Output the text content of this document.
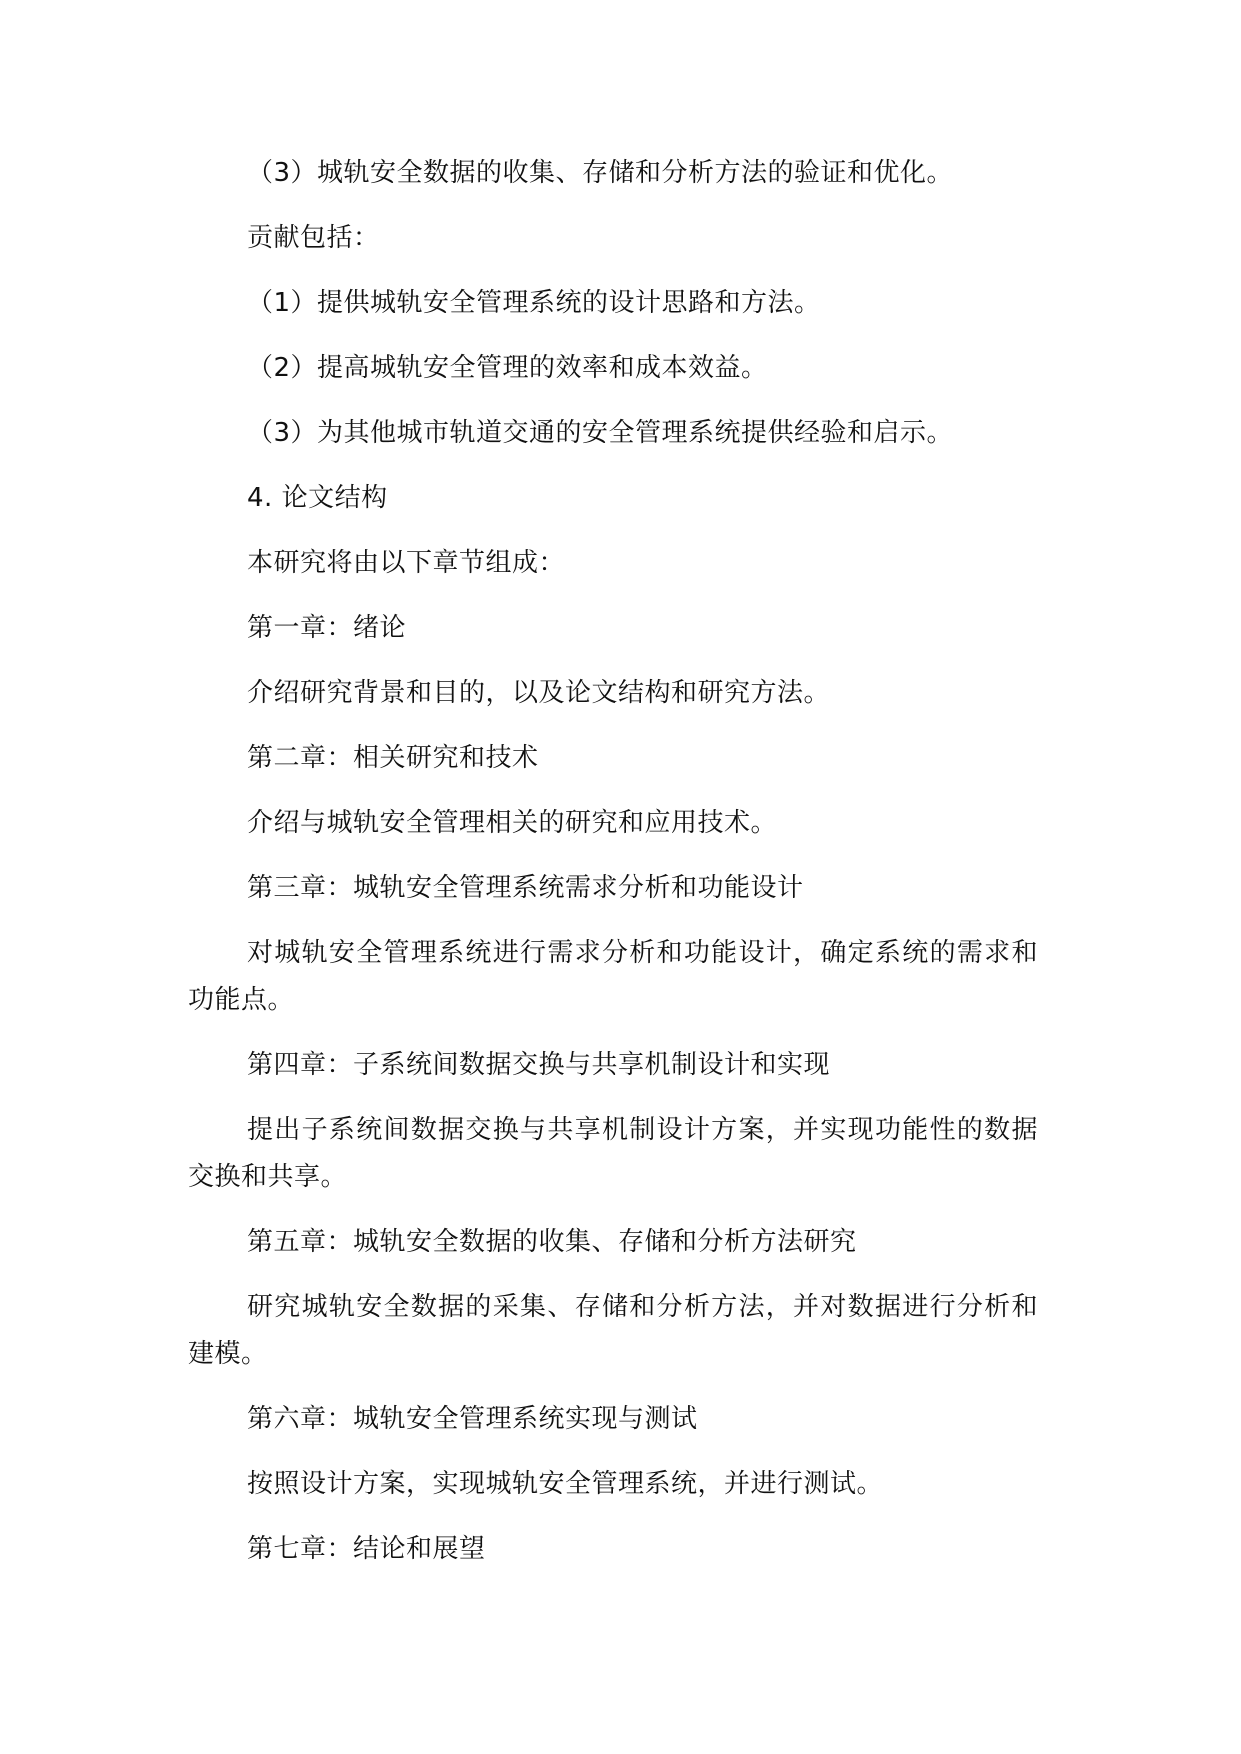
（3）城轨安全数据的收集、存储和分析方法的验证和优化。

贡献包括：

（1）提供城轨安全管理系统的设计思路和方法。

（2）提高城轨安全管理的效率和成本效益。

（3）为其他城市轨道交通的安全管理系统提供经验和启示。

4. 论文结构

本研究将由以下章节组成：

第一章：绪论

介绍研究背景和目的，以及论文结构和研究方法。

第二章：相关研究和技术

介绍与城轨安全管理相关的研究和应用技术。

第三章：城轨安全管理系统需求分析和功能设计

对城轨安全管理系统进行需求分析和功能设计，确定系统的需求和功能点。

第四章：子系统间数据交换与共享机制设计和实现

提出子系统间数据交换与共享机制设计方案，并实现功能性的数据交换和共享。

第五章：城轨安全数据的收集、存储和分析方法研究

研究城轨安全数据的采集、存储和分析方法，并对数据进行分析和建模。

第六章：城轨安全管理系统实现与测试

按照设计方案，实现城轨安全管理系统，并进行测试。

第七章：结论和展望
